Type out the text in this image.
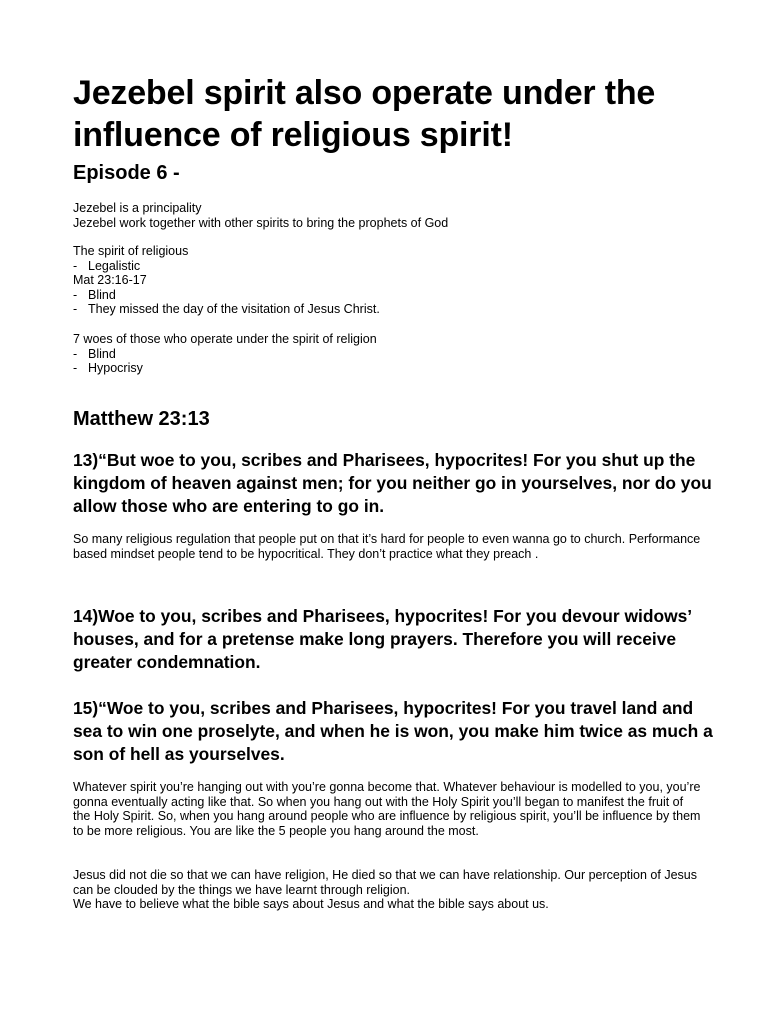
Jezebel spirit also operate under the influence of religious spirit!
Episode 6 -

Jezebel is a principality

Jezebel work together with other spirits to bring the prophets of God

The spirit of religious

- Legalistic

Mat 23:16-17

- Blind
- They missed the day of the visitation of Jesus Christ.

7 woes of those who operate under the spirit of religion

- Blind
- Hypocrisy
Matthew 23:13

13)“But woe to you, scribes and Pharisees, hypocrites! For you shut up the kingdom of heaven against men; for you neither go in yourselves, nor do you allow those who are entering to go in.

So many religious regulation that people put on that it’s hard for people to even wanna go to church. Performance based mindset people tend to be hypocritical. They don’t practice what they preach .

14)Woe to you, scribes and Pharisees, hypocrites! For you devour widows’ houses, and for a pretense make long prayers. Therefore you will receive greater condemnation.

15)“Woe to you, scribes and Pharisees, hypocrites! For you travel land and sea to win one proselyte, and when he is won, you make him twice as much a son of hell as yourselves.

Whatever spirit you’re hanging out with you’re gonna become that. Whatever behaviour is modelled to you, you’re gonna eventually acting like that. So when you hang out with the Holy Spirit you’ll began to manifest the fruit of the Holy Spirit. So, when you hang around people who are influence by religious spirit, you’ll be influence by them to be more religious. You are like the 5 people you hang around the most.

Jesus did not die so that we can have religion, He died so that we can have relationship. Our perception of Jesus can be clouded by the things we have learnt through religion.

We have to believe what the bible says about Jesus and what the bible says about us.
